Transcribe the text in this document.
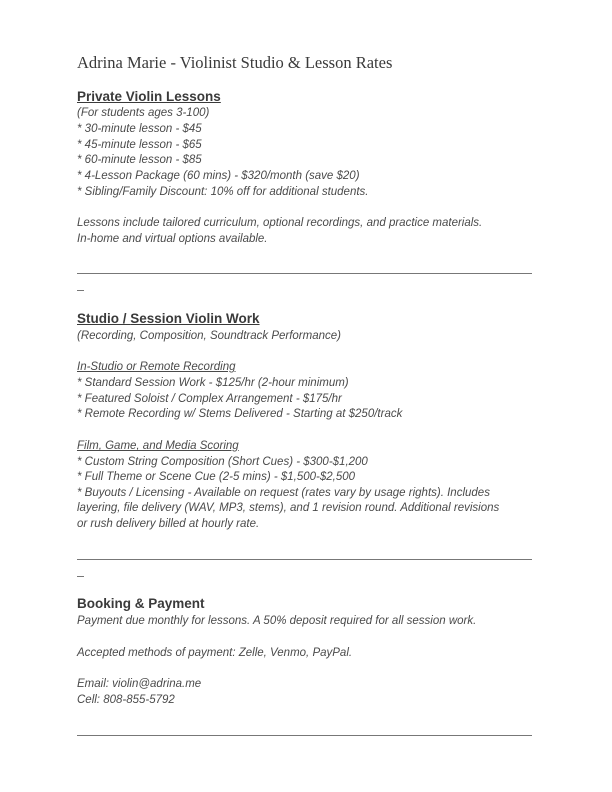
Adrina Marie - Violinist Studio & Lesson Rates
Private Violin Lessons

(For students ages 3-100)

* 30-minute lesson - $45

* 45-minute lesson - $65

* 60-minute lesson - $85

* 4-Lesson Package (60 mins) - $320/month (save $20)

* Sibling/Family Discount: 10% off for additional students.

Lessons include tailored curriculum, optional recordings, and practice materials.

In-home and virtual options available.

Studio / Session Violin Work

(Recording, Composition, Soundtrack Performance)

In-Studio or Remote Recording

* Standard Session Work - $125/hr (2-hour minimum)

* Featured Soloist / Complex Arrangement - $175/hr

* Remote Recording w/ Stems Delivered - Starting at $250/track

Film, Game, and Media Scoring

* Custom String Composition (Short Cues) - $300-$1,200

* Full Theme or Scene Cue (2-5 mins) - $1,500-$2,500

* Buyouts / Licensing - Available on request (rates vary by usage rights). Includes

layering, file delivery (WAV, MP3, stems), and 1 revision round. Additional revisions

or rush delivery billed at hourly rate.

Booking & Payment

Payment due monthly for lessons. A 50% deposit required for all session work.

Accepted methods of payment: Zelle, Venmo, PayPal.

Email: violin@adrina.me

Cell: 808-855-5792
